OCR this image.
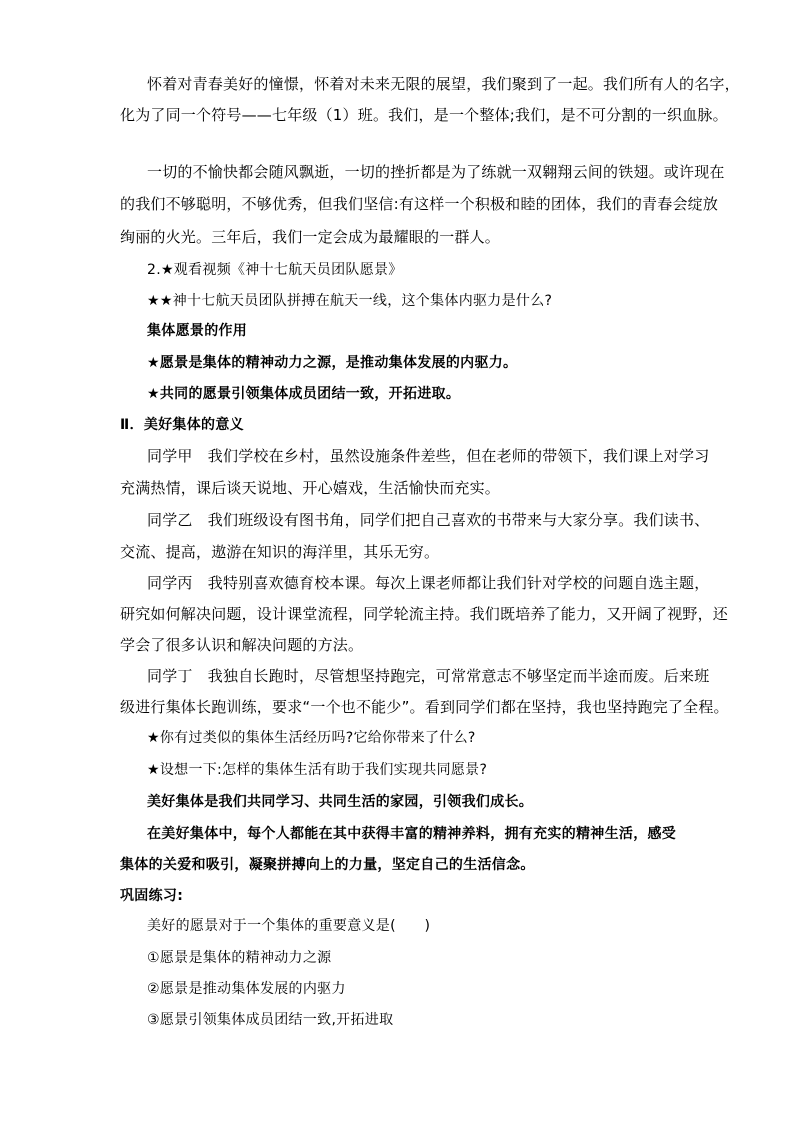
怀着对青春美好的憧憬，怀着对未来无限的展望，我们聚到了一起。我们所有人的名字，

化为了同一个符号——七年级（1）班。我们，是一个整体;我们，是不可分割的一织血脉。

一切的不愉快都会随风飘逝，一切的挫折都是为了练就一双翱翔云间的铁翅。或许现在

的我们不够聪明，不够优秀，但我们坚信:有这样一个积极和睦的团体，我们的青春会绽放

绚丽的火光。三年后，我们一定会成为最耀眼的一群人。

2.★观看视频《神十七航天员团队愿景》

★★神十七航天员团队拼搏在航天一线，这个集体内驱力是什么?

集体愿景的作用

★愿景是集体的精神动力之源，是推动集体发展的内驱力。

★共同的愿景引领集体成员团结一致，开拓进取。

Ⅱ．美好集体的意义

同学甲　我们学校在乡村，虽然设施条件差些，但在老师的带领下，我们课上对学习

充满热情，课后谈天说地、开心嬉戏，生活愉快而充实。

同学乙　我们班级设有图书角，同学们把自己喜欢的书带来与大家分享。我们读书、

交流、提高，遨游在知识的海洋里，其乐无穷。

同学丙　我特别喜欢德育校本课。每次上课老师都让我们针对学校的问题自选主题，

研究如何解决问题，设计课堂流程，同学轮流主持。我们既培养了能力，又开阔了视野，还

学会了很多认识和解决问题的方法。

同学丁　我独自长跑时，尽管想坚持跑完，可常常意志不够坚定而半途而废。后来班

级进行集体长跑训练，要求“一个也不能少”。看到同学们都在坚持，我也坚持跑完了全程。

★你有过类似的集体生活经历吗?它给你带来了什么?

★设想一下:怎样的集体生活有助于我们实现共同愿景?

美好集体是我们共同学习、共同生活的家园，引领我们成长。

在美好集体中，每个人都能在其中获得丰富的精神养料，拥有充实的精神生活，感受

集体的关爱和吸引，凝聚拼搏向上的力量，坚定自己的生活信念。

巩固练习:

美好的愿景对于一个集体的重要意义是(　　)

①愿景是集体的精神动力之源

②愿景是推动集体发展的内驱力

③愿景引领集体成员团结一致,开拓进取
